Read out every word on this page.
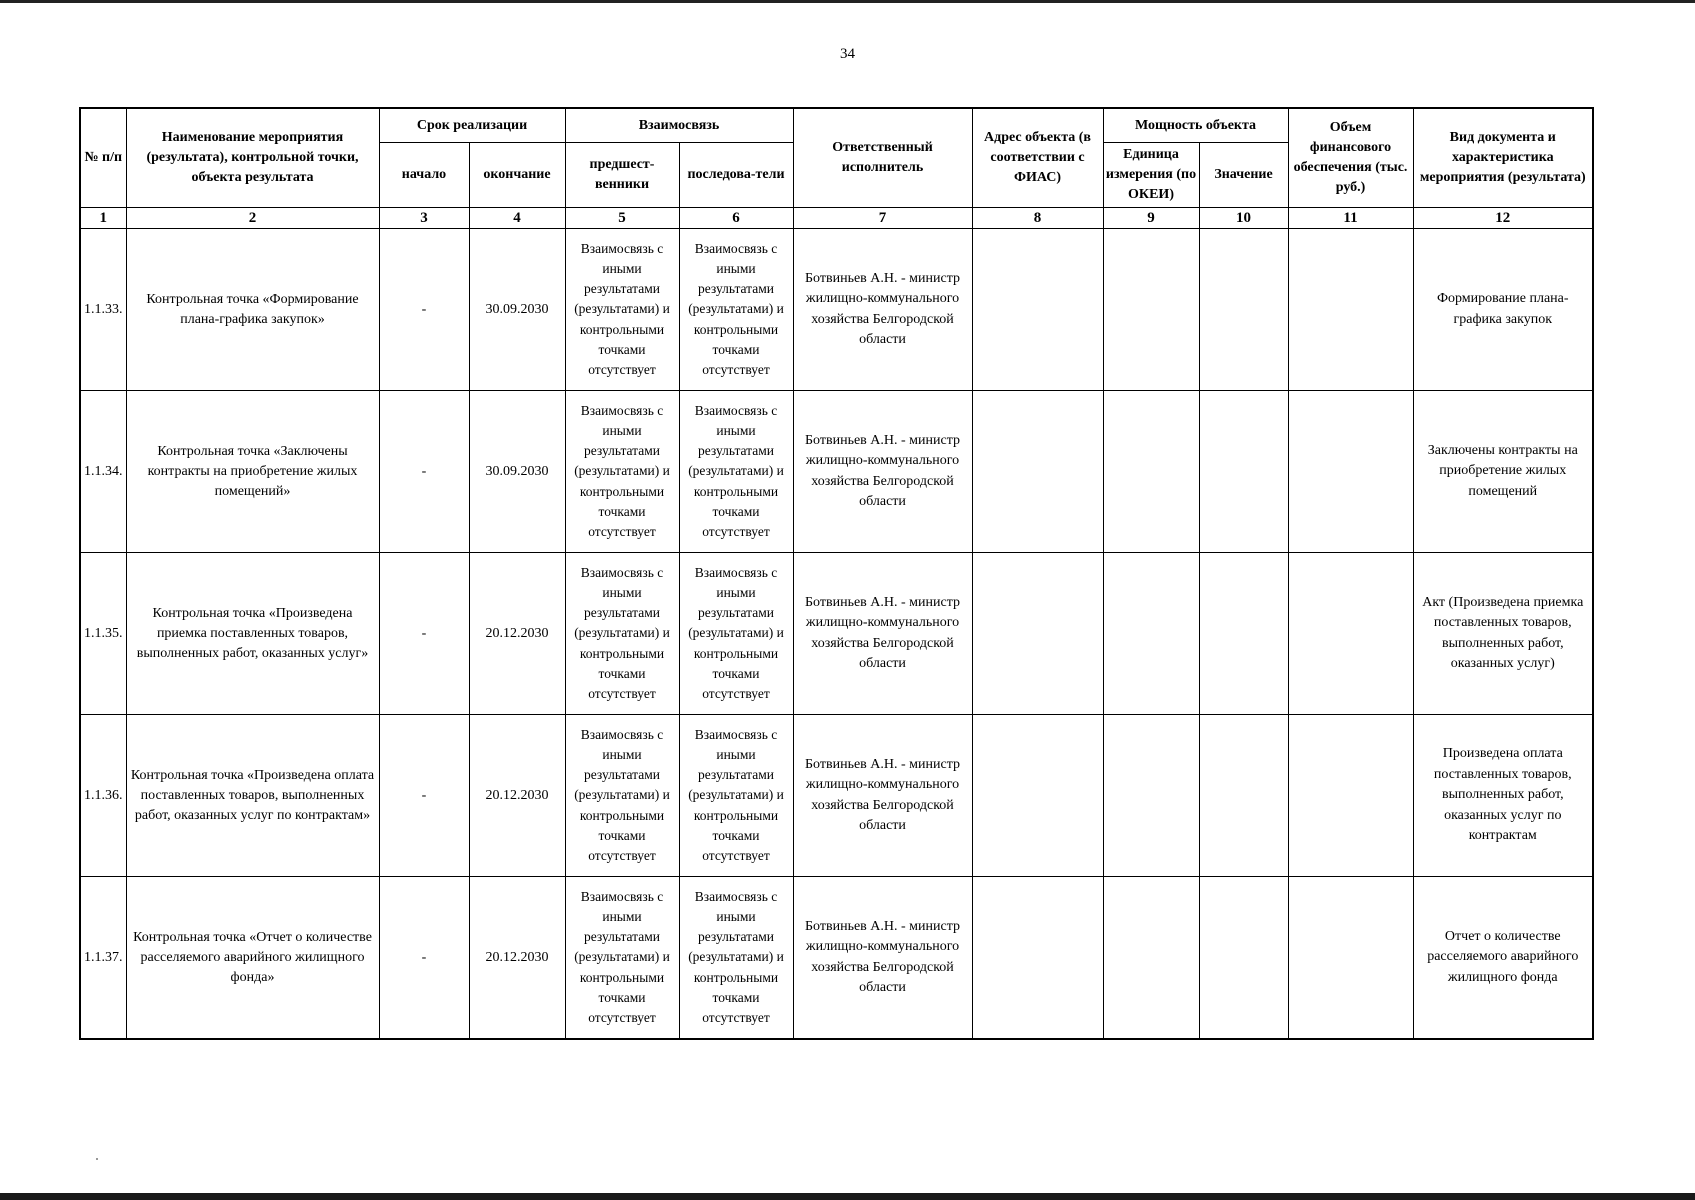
34
№ п/п	Наименование мероприятия (результата), контрольной точки, объекта результата	Срок реализации		Взаимосвязь		Ответственный исполнитель	Адрес объекта (в соответствии с ФИАС)	Мощность объекта		Объем финансового обеспечения (тыс. руб.)	Вид документа и характеристика мероприятия (результата)
		начало	окончание	предшест-венники	последова-тели			Единица измерения (по ОКЕИ)	Значение		
1	2	3	4	5	6	7	8	9	10	11	12
1.1.33.	Контрольная точка «Формирование плана-графика закупок»	-	30.09.2030	Взаимосвязь с иными результатами (результатами) и контрольными точками отсутствует	Взаимосвязь с иными результатами (результатами) и контрольными точками отсутствует	Ботвиньев А.Н. - министр жилищно-коммунального хозяйства Белгородской области					Формирование плана-графика закупок
1.1.34.	Контрольная точка «Заключены контракты на приобретение жилых помещений»	-	30.09.2030	Взаимосвязь с иными результатами (результатами) и контрольными точками отсутствует	Взаимосвязь с иными результатами (результатами) и контрольными точками отсутствует	Ботвиньев А.Н. - министр жилищно-коммунального хозяйства Белгородской области					Заключены контракты на приобретение жилых помещений
1.1.35.	Контрольная точка «Произведена приемка поставленных товаров, выполненных работ, оказанных услуг»	-	20.12.2030	Взаимосвязь с иными результатами (результатами) и контрольными точками отсутствует	Взаимосвязь с иными результатами (результатами) и контрольными точками отсутствует	Ботвиньев А.Н. - министр жилищно-коммунального хозяйства Белгородской области					Акт (Произведена приемка поставленных товаров, выполненных работ, оказанных услуг)
1.1.36.	Контрольная точка «Произведена оплата поставленных товаров, выполненных работ, оказанных услуг по контрактам»	-	20.12.2030	Взаимосвязь с иными результатами (результатами) и контрольными точками отсутствует	Взаимосвязь с иными результатами (результатами) и контрольными точками отсутствует	Ботвиньев А.Н. - министр жилищно-коммунального хозяйства Белгородской области					Произведена оплата поставленных товаров, выполненных работ, оказанных услуг по контрактам
1.1.37.	Контрольная точка «Отчет о количестве расселяемого аварийного жилищного фонда»	-	20.12.2030	Взаимосвязь с иными результатами (результатами) и контрольными точками отсутствует	Взаимосвязь с иными результатами (результатами) и контрольными точками отсутствует	Ботвиньев А.Н. - министр жилищно-коммунального хозяйства Белгородской области					Отчет о количестве расселяемого аварийного жилищного фонда
